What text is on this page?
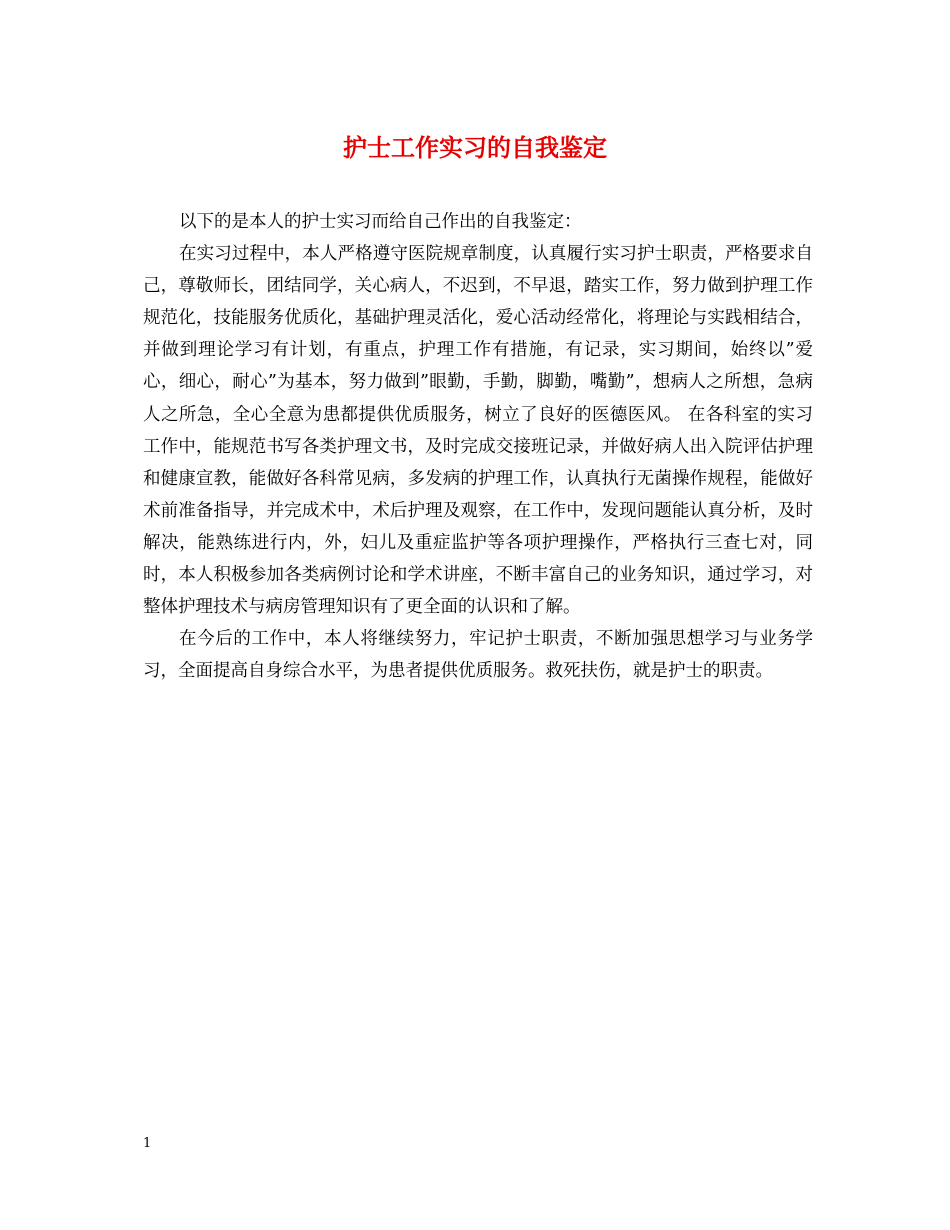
护士工作实习的自我鉴定

以下的是本人的护士实习而给自己作出的自我鉴定：

在实习过程中，本人严格遵守医院规章制度，认真履行实习护士职责，严格要求自己，尊敬师长，团结同学，关心病人，不迟到，不早退，踏实工作，努力做到护理工作规范化，技能服务优质化，基础护理灵活化，爱心活动经常化，将理论与实践相结合，并做到理论学习有计划，有重点，护理工作有措施，有记录，实习期间，始终以”爱心，细心，耐心”为基本，努力做到”眼勤，手勤，脚勤，嘴勤”，想病人之所想，急病人之所急，全心全意为患都提供优质服务，树立了良好的医德医风。 在各科室的实习工作中，能规范书写各类护理文书，及时完成交接班记录，并做好病人出入院评估护理和健康宣教，能做好各科常见病，多发病的护理工作，认真执行无菌操作规程，能做好术前准备指导，并完成术中，术后护理及观察，在工作中，发现问题能认真分析，及时解决，能熟练进行内，外，妇儿及重症监护等各项护理操作，严格执行三查七对，同时，本人积极参加各类病例讨论和学术讲座，不断丰富自己的业务知识，通过学习，对整体护理技术与病房管理知识有了更全面的认识和了解。

在今后的工作中，本人将继续努力，牢记护士职责，不断加强思想学习与业务学习，全面提高自身综合水平，为患者提供优质服务。救死扶伤，就是护士的职责。

1
